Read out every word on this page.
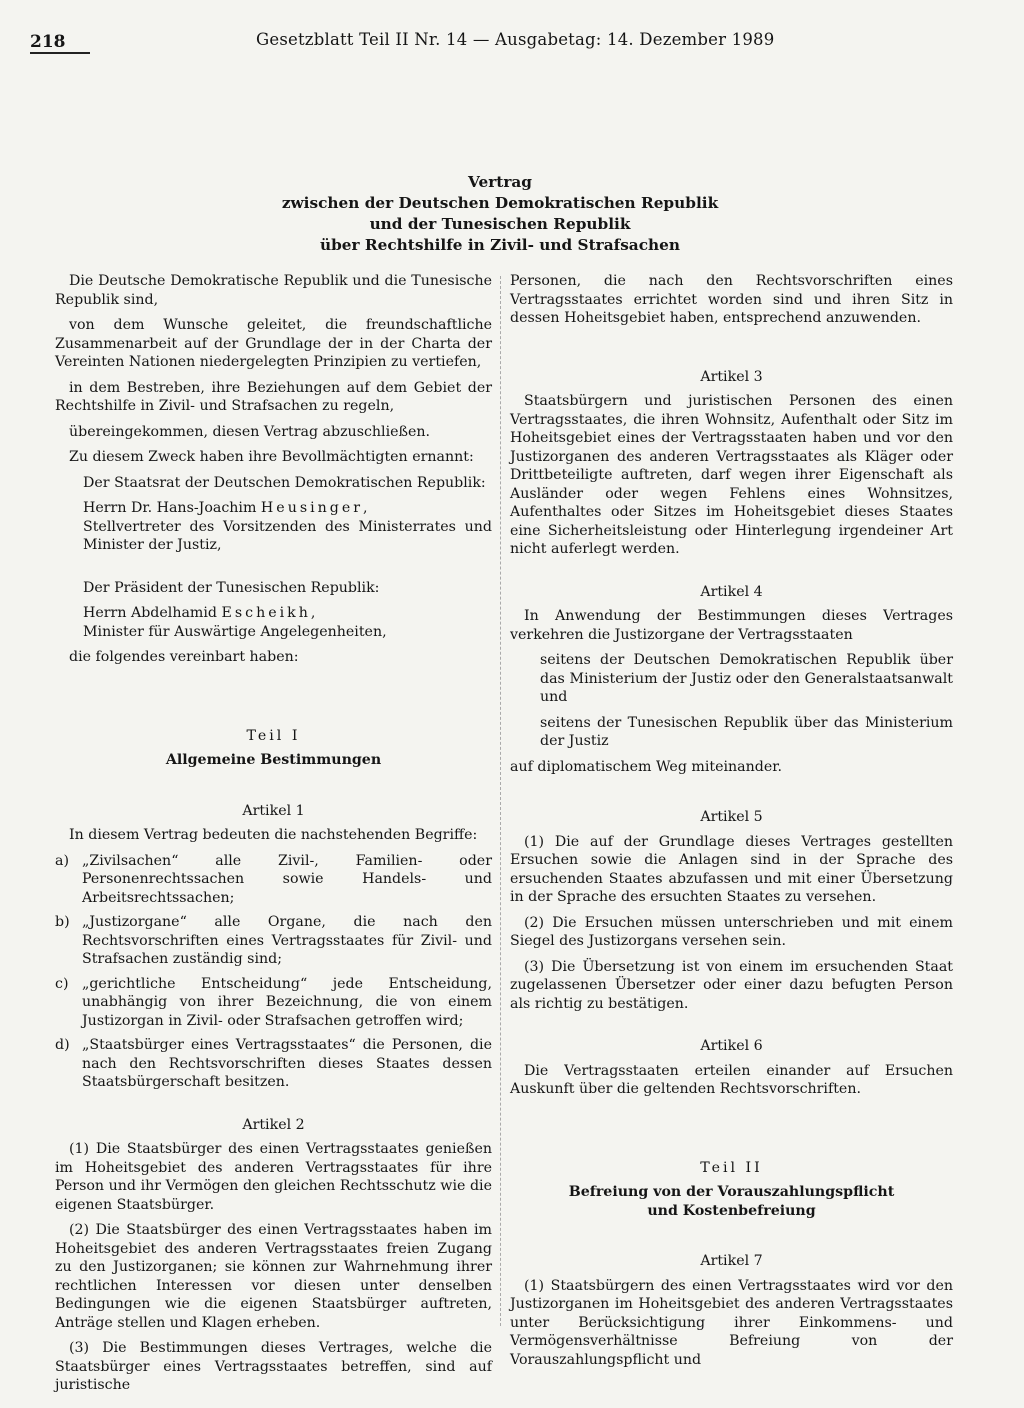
218	Gesetzblatt Teil II Nr. 14 — Ausgabetag: 14. Dezember 1989
Vertrag
zwischen der Deutschen Demokratischen Republik
und der Tunesischen Republik
über Rechtshilfe in Zivil- und Strafsachen

Die Deutsche Demokratische Republik und die Tunesische Republik sind,

von dem Wunsche geleitet, die freundschaftliche Zusammenarbeit auf der Grundlage der in der Charta der Vereinten Nationen niedergelegten Prinzipien zu vertiefen,

in dem Bestreben, ihre Beziehungen auf dem Gebiet der Rechtshilfe in Zivil- und Strafsachen zu regeln,

übereingekommen, diesen Vertrag abzuschließen.

Zu diesem Zweck haben ihre Bevollmächtigten ernannt:

Der Staatsrat der Deutschen Demokratischen Republik:

Herrn Dr. Hans-Joachim Heusinger,
Stellvertreter des Vorsitzenden des Ministerrates und Minister der Justiz,

Der Präsident der Tunesischen Republik:

Herrn Abdelhamid Escheikh,
Minister für Auswärtige Angelegenheiten,

die folgendes vereinbart haben:

Teil I

Allgemeine Bestimmungen

Artikel 1

In diesem Vertrag bedeuten die nachstehenden Begriffe:

a) „Zivilsachen“ alle Zivil-, Familien- oder Personenrechtssachen sowie Handels- und Arbeitsrechtssachen;
b) „Justizorgane“ alle Organe, die nach den Rechtsvorschriften eines Vertragsstaates für Zivil- und Strafsachen zuständig sind;
c) „gerichtliche Entscheidung“ jede Entscheidung, unabhängig von ihrer Bezeichnung, die von einem Justizorgan in Zivil- oder Strafsachen getroffen wird;
d) „Staatsbürger eines Vertragsstaates“ die Personen, die nach den Rechtsvorschriften dieses Staates dessen Staatsbürgerschaft besitzen.

Artikel 2

(1) Die Staatsbürger des einen Vertragsstaates genießen im Hoheitsgebiet des anderen Vertragsstaates für ihre Person und ihr Vermögen den gleichen Rechtsschutz wie die eigenen Staatsbürger.

(2) Die Staatsbürger des einen Vertragsstaates haben im Hoheitsgebiet des anderen Vertragsstaates freien Zugang zu den Justizorganen; sie können zur Wahrnehmung ihrer rechtlichen Interessen vor diesen unter denselben Bedingungen wie die eigenen Staatsbürger auftreten, Anträge stellen und Klagen erheben.

(3) Die Bestimmungen dieses Vertrages, welche die Staatsbürger eines Vertragsstaates betreffen, sind auf juristische

Personen, die nach den Rechtsvorschriften eines Vertragsstaates errichtet worden sind und ihren Sitz in dessen Hoheitsgebiet haben, entsprechend anzuwenden.

Artikel 3

Staatsbürgern und juristischen Personen des einen Vertragsstaates, die ihren Wohnsitz, Aufenthalt oder Sitz im Hoheitsgebiet eines der Vertragsstaaten haben und vor den Justizorganen des anderen Vertragsstaates als Kläger oder Drittbeteiligte auftreten, darf wegen ihrer Eigenschaft als Ausländer oder wegen Fehlens eines Wohnsitzes, Aufenthaltes oder Sitzes im Hoheitsgebiet dieses Staates eine Sicherheitsleistung oder Hinterlegung irgendeiner Art nicht auferlegt werden.

Artikel 4

In Anwendung der Bestimmungen dieses Vertrages verkehren die Justizorgane der Vertragsstaaten

seitens der Deutschen Demokratischen Republik über das Ministerium der Justiz oder den Generalstaatsanwalt und

seitens der Tunesischen Republik über das Ministerium der Justiz

auf diplomatischem Weg miteinander.

Artikel 5

(1) Die auf der Grundlage dieses Vertrages gestellten Ersuchen sowie die Anlagen sind in der Sprache des ersuchenden Staates abzufassen und mit einer Übersetzung in der Sprache des ersuchten Staates zu versehen.

(2) Die Ersuchen müssen unterschrieben und mit einem Siegel des Justizorgans versehen sein.

(3) Die Übersetzung ist von einem im ersuchenden Staat zugelassenen Übersetzer oder einer dazu befugten Person als richtig zu bestätigen.

Artikel 6

Die Vertragsstaaten erteilen einander auf Ersuchen Auskunft über die geltenden Rechtsvorschriften.

Teil II

Befreiung von der Vorauszahlungspflicht

und Kostenbefreiung

Artikel 7

(1) Staatsbürgern des einen Vertragsstaates wird vor den Justizorganen im Hoheitsgebiet des anderen Vertragsstaates unter Berücksichtigung ihrer Einkommens- und Vermögensverhältnisse Befreiung von der Vorauszahlungspflicht und
